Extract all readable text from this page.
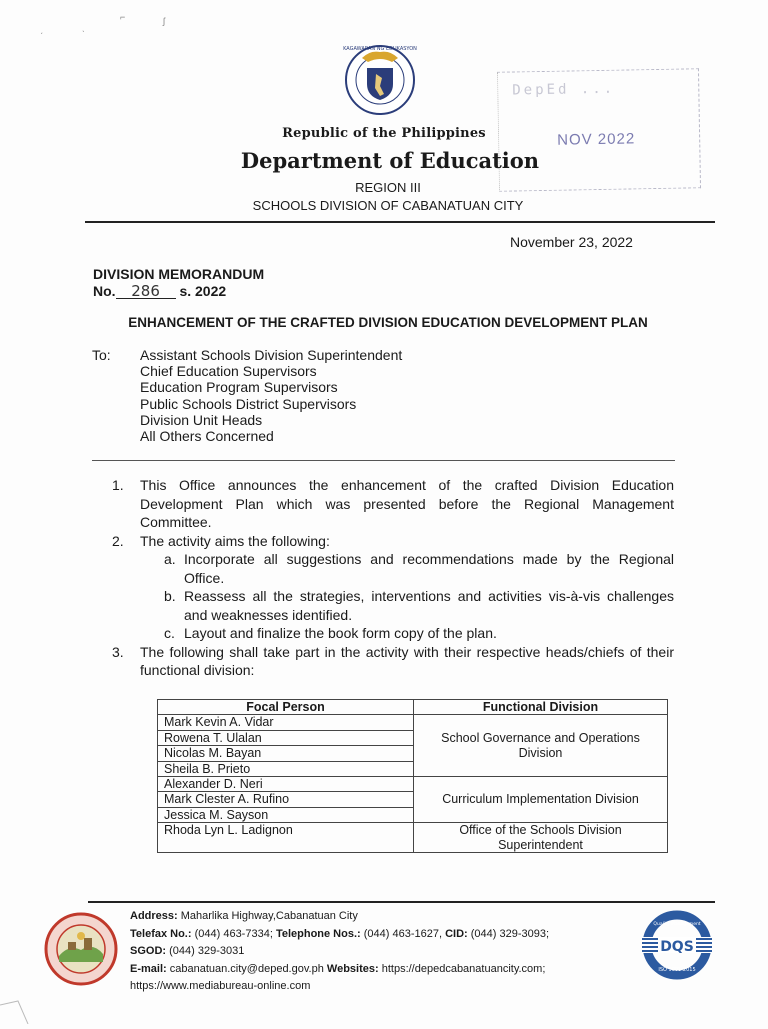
ˏ	ˎ
⌐	ʃ
KAGAWARAN NG EDUKASYON
DepEd ...
NOV 2022
Republic of the Philippines
Department of Education
REGION III
SCHOOLS DIVISION OF CABANATUAN CITY
November 23, 2022
DIVISION MEMORANDUM
No. 286 s. 2022
ENHANCEMENT OF THE CRAFTED DIVISION EDUCATION DEVELOPMENT PLAN
To: Assistant Schools Division Superintendent
Chief Education Supervisors
Education Program Supervisors
Public Schools District Supervisors
Division Unit Heads
All Others Concerned
1.	This Office announces the enhancement of the crafted Division Education Development Plan which was presented before the Regional Management Committee.
2.	The activity aims the following:
a. Incorporate all suggestions and recommendations made by the Regional Office.
b. Reassess all the strategies, interventions and activities vis-à-vis challenges and weaknesses identified.
c. Layout and finalize the book form copy of the plan.
3.	The following shall take part in the activity with their respective heads/chiefs of their functional division:
Focal Person	Functional Division
Mark Kevin A. Vidar	School Governance and Operations Division
Rowena T. Ulalan	
Nicolas M. Bayan	
Sheila B. Prieto	
Alexander D. Neri	Curriculum Implementation Division
Mark Clester A. Rufino	
Jessica M. Sayson	
Rhoda Lyn L. Ladignon	Office of the Schools Division Superintendent
Address: Maharlika Highway,Cabanatuan City
Telefax No.: (044) 463-7334; Telephone Nos.: (044) 463-1627, CID: (044) 329-3093;
SGOD: (044) 329-3031
E-mail: cabanatuan.city@deped.gov.ph Websites: https://depedcabanatuancity.com;
https://www.mediabureau-online.com
DQS
Quality Management
ISO 9001:2015
